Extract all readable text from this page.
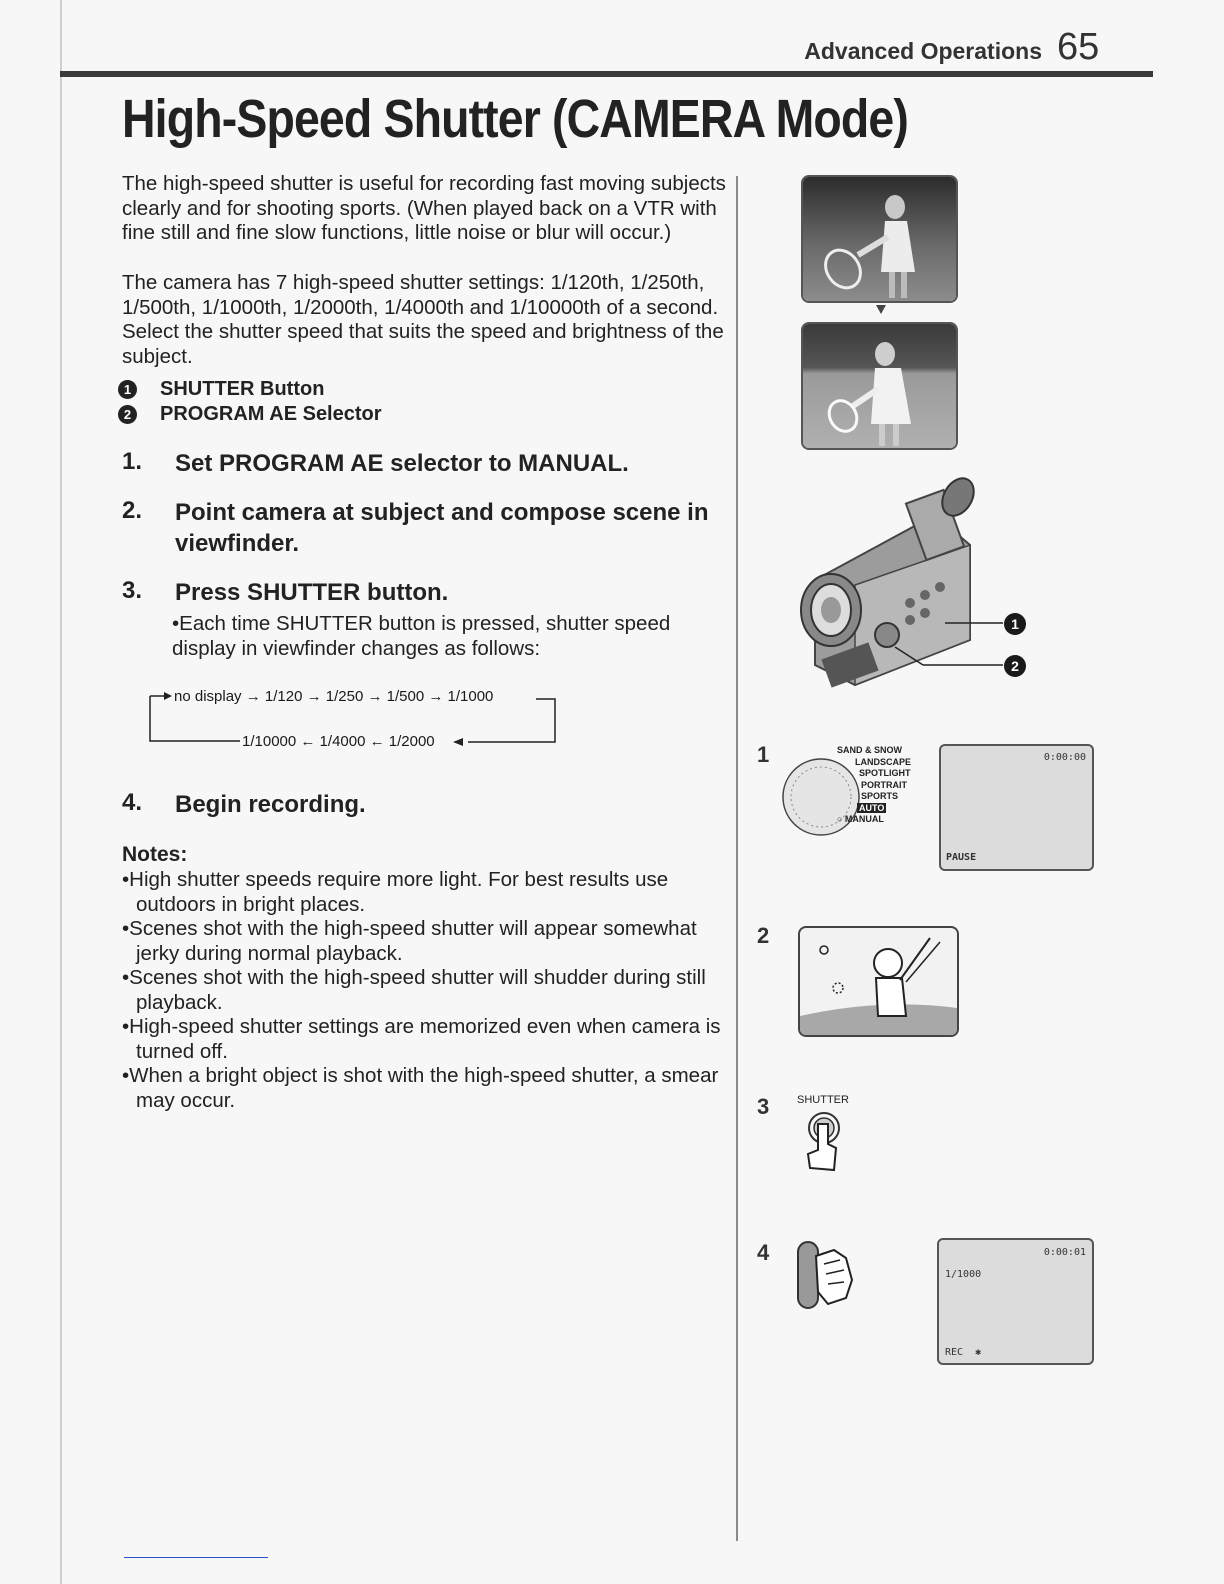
Advanced Operations 65
High-Speed Shutter (CAMERA Mode)
The high-speed shutter is useful for recording fast moving subjects clearly and for shooting sports. (When played back on a VTR with fine still and fine slow functions, little noise or blur will occur.)
The camera has 7 high-speed shutter settings: 1/120th, 1/250th, 1/500th, 1/1000th, 1/2000th, 1/4000th and 1/10000th of a second. Select the shutter speed that suits the speed and brightness of the subject.
1 SHUTTER Button
2 PROGRAM AE Selector
1.	Set PROGRAM AE selector to MANUAL.
2.	Point camera at subject and compose scene in viewfinder.
3.	Press SHUTTER button.
•Each time SHUTTER button is pressed, shutter speed display in viewfinder changes as follows:
no display → 1/120 → 1/250 → 1/500 → 1/1000
1/10000 ← 1/4000 ← 1/2000
4.	Begin recording.
Notes:
•High shutter speeds require more light. For best results use outdoors in bright places.
•Scenes shot with the high-speed shutter will appear somewhat jerky during normal playback.
•Scenes shot with the high-speed shutter will shudder during still playback.
•High-speed shutter settings are memorized even when camera is turned off.
•When a bright object is shot with the high-speed shutter, a smear may occur.
1
2
1	SAND & SNOW
LANDSCAPE
SPOTLIGHT
PORTRAIT
SPORTS
AUTO
○ MANUAL
0:00:00
PAUSE
2
3	SHUTTER
4	0:00:01
1/1000
REC ✱
